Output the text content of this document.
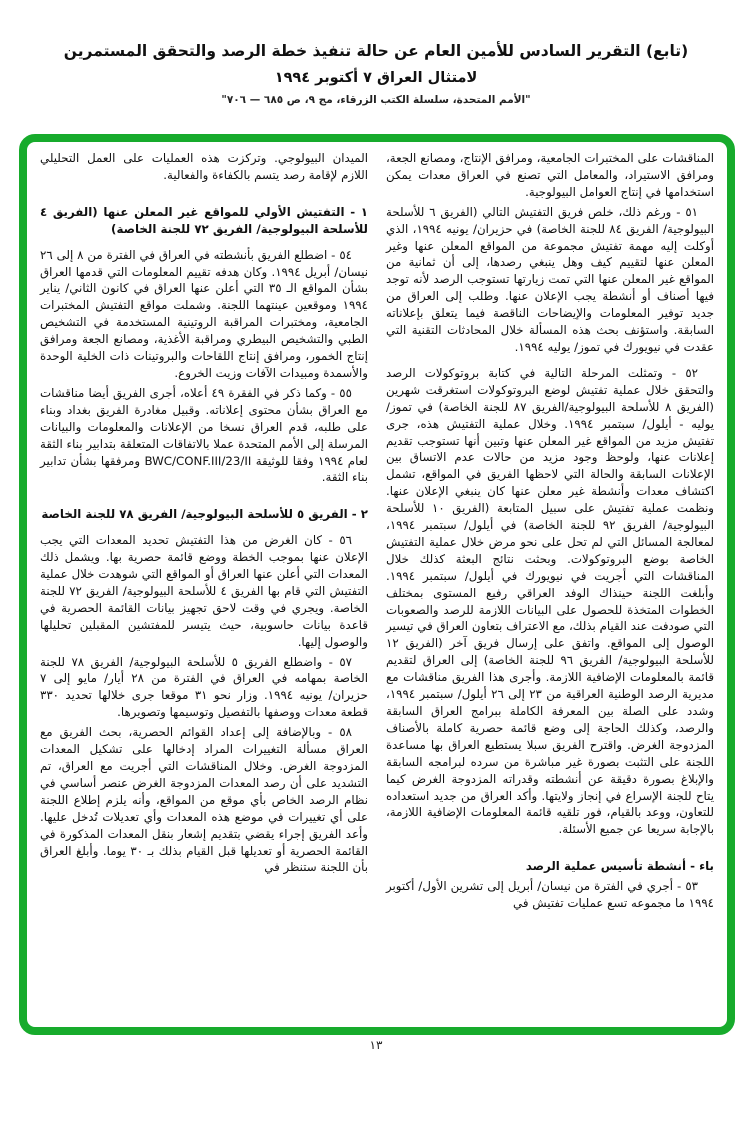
(تابع) التقرير السادس للأمين العام عن حالة تنفيذ خطة الرصد والتحقق المستمرين
لامتثال العراق ٧ أكتوبر ١٩٩٤
"الأمم المتحدة، سلسلة الكتب الزرقاء، مج ٩، ص ٦٨٥ — ٧٠٦"

المناقشات على المختبرات الجامعية، ومرافق الإنتاج، ومصانع الجعة، ومرافق الاستيراد، والمعامل التي تصنع في العراق معدات يمكن استخدامها في إنتاج العوامل البيولوجية.

٥١ - ورغم ذلك، خلص فريق التفتيش التالي (الفريق ٦ للأسلحة البيولوجية/ الفريق ٨٤ للجنة الخاصة) في حزيران/ يونيه ١٩٩٤، الذي أوكلت إليه مهمة تفتيش مجموعة من المواقع المعلن عنها وغير المعلن عنها لتقييم كيف وهل ينبغي رصدها، إلى أن ثمانية من المواقع غير المعلن عنها التي تمت زيارتها تستوجب الرصد لأنه توجد فيها أصناف أو أنشطة يجب الإعلان عنها. وطلب إلى العراق من جديد توفير المعلومات والإيضاحات الناقصة فيما يتعلق بإعلاناته السابقة. واستؤنف بحث هذه المسألة خلال المحادثات التقنية التي عقدت في نيويورك في تموز/ يوليه ١٩٩٤.

٥٢ - وتمثلت المرحلة التالية في كتابة بروتوكولات الرصد والتحقق خلال عملية تفتيش لوضع البروتوكولات استغرقت شهرين (الفريق ٨ للأسلحة البيولوجية/الفريق ٨٧ للجنة الخاصة) في تموز/ يوليه - أيلول/ سبتمبر ١٩٩٤. وخلال عملية التفتيش هذه، جرى تفتيش مزيد من المواقع غير المعلن عنها وتبين أنها تستوجب تقديم إعلانات عنها، ولوحظ وجود مزيد من حالات عدم الاتساق بين الإعلانات السابقة والحالة التي لاحظها الفريق في المواقع، تشمل اكتشاف معدات وأنشطة غير معلن عنها كان ينبغي الإعلان عنها. ونظمت عملية تفتيش على سبيل المتابعة (الفريق ١٠ للأسلحة البيولوجية/ الفريق ٩٢ للجنة الخاصة) في أيلول/ سبتمبر ١٩٩٤، لمعالجة المسائل التي لم تحل على نحو مرض خلال عملية التفتيش الخاصة بوضع البروتوكولات. وبحثت نتائج البعثة كذلك خلال المناقشات التي أجريت في نيويورك في أيلول/ سبتمبر ١٩٩٤. وأبلغت اللجنة حينذاك الوفد العراقي رفيع المستوى بمختلف الخطوات المتخذة للحصول على البيانات اللازمة للرصد والصعوبات التي صودفت عند القيام بذلك، مع الاعتراف بتعاون العراق في تيسير الوصول إلى المواقع. واتفق على إرسال فريق آخر (الفريق ١٢ للأسلحة البيولوجية/ الفريق ٩٦ للجنة الخاصة) إلى العراق لتقديم قائمة بالمعلومات الإضافية اللازمة. وأجرى هذا الفريق مناقشات مع مديرية الرصد الوطنية العراقية من ٢٣ إلى ٢٦ أيلول/ سبتمبر ١٩٩٤، وشدد على الصلة بين المعرفة الكاملة ببرامج العراق السابقة والرصد، وكذلك الحاجة إلى وضع قائمة حصرية كاملة بالأصناف المزدوجة الغرض. واقترح الفريق سبلا يستطيع العراق بها مساعدة اللجنة على التثبت بصورة غير مباشرة من سرده لبرامجه السابقة والإبلاغ بصورة دقيقة عن أنشطته وقدراته المزدوجة الغرض كيما يتاح للجنة الإسراع في إنجاز ولايتها. وأكد العراق من جديد استعداده للتعاون، ووعد بالقيام، فور تلقيه قائمة المعلومات الإضافية اللازمة، بالإجابة سريعا عن جميع الأسئلة.

باء - أنشطة تأسيس عملية الرصد

٥٣ - أجري في الفترة من نيسان/ أبريل إلى تشرين الأول/ أكتوبر ١٩٩٤ ما مجموعه تسع عمليات تفتيش في

الميدان البيولوجي. وتركزت هذه العمليات على العمل التحليلي اللازم لإقامة رصد يتسم بالكفاءة والفعالية.

١ - التفتيش الأولي للمواقع غير المعلن عنها (الفريق ٤ للأسلحة البيولوجية/ الفريق ٧٢ للجنة الخاصة)

٥٤ - اضطلع الفريق بأنشطته في العراق في الفترة من ٨ إلى ٢٦ نيسان/ أبريل ١٩٩٤. وكان هدفه تقييم المعلومات التي قدمها العراق بشأن المواقع الـ ٣٥ التي أعلن عنها العراق في كانون الثاني/ يناير ١٩٩٤ وموقعين عينتهما اللجنة. وشملت مواقع التفتيش المختبرات الجامعية، ومختبرات المراقبة الروتينية المستخدمة في التشخيص الطبي والتشخيص البيطري ومراقبة الأغذية، ومصانع الجعة ومرافق إنتاج الخمور، ومرافق إنتاج اللقاحات والبروتينات ذات الخلية الوحدة والأسمدة ومبيدات الآفات وزيت الخروع.

٥٥ - وكما ذكر في الفقرة ٤٩ أعلاه، أجرى الفريق أيضا مناقشات مع العراق بشأن محتوى إعلاناته. وقبيل مغادرة الفريق بغداد وبناء على طلبه، قدم العراق نسخا من الإعلانات والمعلومات والبيانات المرسلة إلى الأمم المتحدة عملا بالاتفاقات المتعلقة بتدابير بناء الثقة لعام ١٩٩٤ وفقا للوثيقة BWC/CONF.III/23/II ومرفقها بشأن تدابير بناء الثقة.

٢ - الفريق ٥ للأسلحة البيولوجية/ الفريق ٧٨ للجنة الخاصة

٥٦ - كان الغرض من هذا التفتيش تحديد المعدات التي يجب الإعلان عنها بموجب الخطة ووضع قائمة حصرية بها. ويشمل ذلك المعدات التي أعلن عنها العراق أو المواقع التي شوهدت خلال عملية التفتيش التي قام بها الفريق ٤ للأسلحة البيولوجية/ الفريق ٧٢ للجنة الخاصة. ويجري في وقت لاحق تجهيز بيانات القائمة الحصرية في قاعدة بيانات حاسوبية، حيث يتيسر للمفتشين المقبلين تحليلها والوصول إليها.

٥٧ - واضطلع الفريق ٥ للأسلحة البيولوجية/ الفريق ٧٨ للجنة الخاصة بمهامه في العراق في الفترة من ٢٨ أيار/ مايو إلى ٧ حزيران/ يونيه ١٩٩٤. وزار نحو ٣١ موقعا جرى خلالها تحديد ٣٣٠ قطعة معدات ووصفها بالتفصيل وتوسيمها وتصويرها.

٥٨ - وبالإضافة إلى إعداد القوائم الحصرية، بحث الفريق مع العراق مسألة التغييرات المراد إدخالها على تشكيل المعدات المزدوجة الغرض. وخلال المناقشات التي أجريت مع العراق، تم التشديد على أن رصد المعدات المزدوجة الغرض عنصر أساسي في نظام الرصد الخاص بأي موقع من المواقع، وأنه يلزم إطلاع اللجنة على أي تغييرات في موضع هذه المعدات وأي تعديلات تُدخل عليها. وأعد الفريق إجراء يقضي بتقديم إشعار بنقل المعدات المذكورة في القائمة الحصرية أو تعديلها قبل القيام بذلك بـ ٣٠ يوما. وأبلغ العراق بأن اللجنة ستنظر في

١٣
